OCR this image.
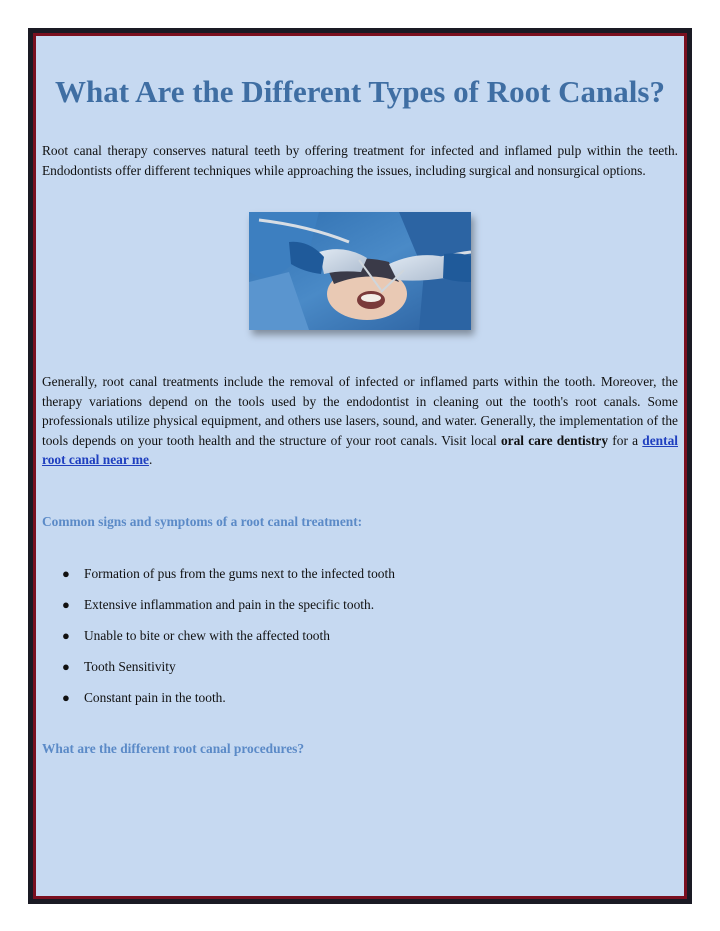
What Are the Different Types of Root Canals?

Root canal therapy conserves natural teeth by offering treatment for infected and inflamed pulp within the teeth. Endodontists offer different techniques while approaching the issues, including surgical and nonsurgical options.

Generally, root canal treatments include the removal of infected or inflamed parts within the tooth. Moreover, the therapy variations depend on the tools used by the endodontist in cleaning out the tooth's root canals. Some professionals utilize physical equipment, and others use lasers, sound, and water. Generally, the implementation of the tools depends on your tooth health and the structure of your root canals. Visit local oral care dentistry for a dental root canal near me.

Common signs and symptoms of a root canal treatment:

● Formation of pus from the gums next to the infected tooth
● Extensive inflammation and pain in the specific tooth.
● Unable to bite or chew with the affected tooth
● Tooth Sensitivity
● Constant pain in the tooth.

What are the different root canal procedures?
